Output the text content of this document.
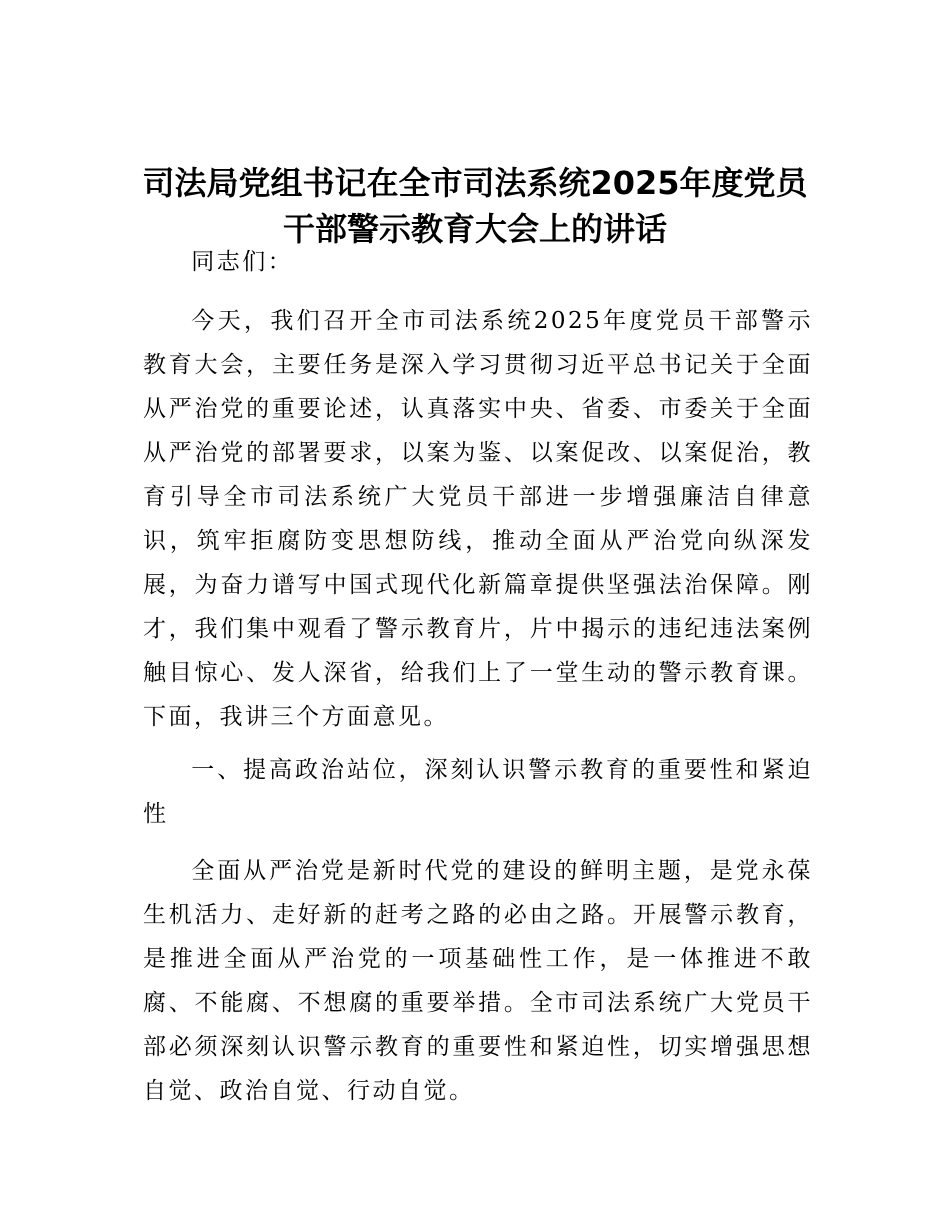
司法局党组书记在全市司法系统2025年度党员
干部警示教育大会上的讲话

同志们：

今天，我们召开全市司法系统2025年度党员干部警示教育大会，主要任务是深入学习贯彻习近平总书记关于全面从严治党的重要论述，认真落实中央、省委、市委关于全面从严治党的部署要求，以案为鉴、以案促改、以案促治，教育引导全市司法系统广大党员干部进一步增强廉洁自律意识，筑牢拒腐防变思想防线，推动全面从严治党向纵深发展，为奋力谱写中国式现代化新篇章提供坚强法治保障。刚才，我们集中观看了警示教育片，片中揭示的违纪违法案例触目惊心、发人深省，给我们上了一堂生动的警示教育课。下面，我讲三个方面意见。

一、提高政治站位，深刻认识警示教育的重要性和紧迫性

全面从严治党是新时代党的建设的鲜明主题，是党永葆生机活力、走好新的赶考之路的必由之路。开展警示教育，是推进全面从严治党的一项基础性工作，是一体推进不敢腐、不能腐、不想腐的重要举措。全市司法系统广大党员干部必须深刻认识警示教育的重要性和紧迫性，切实增强思想自觉、政治自觉、行动自觉。
